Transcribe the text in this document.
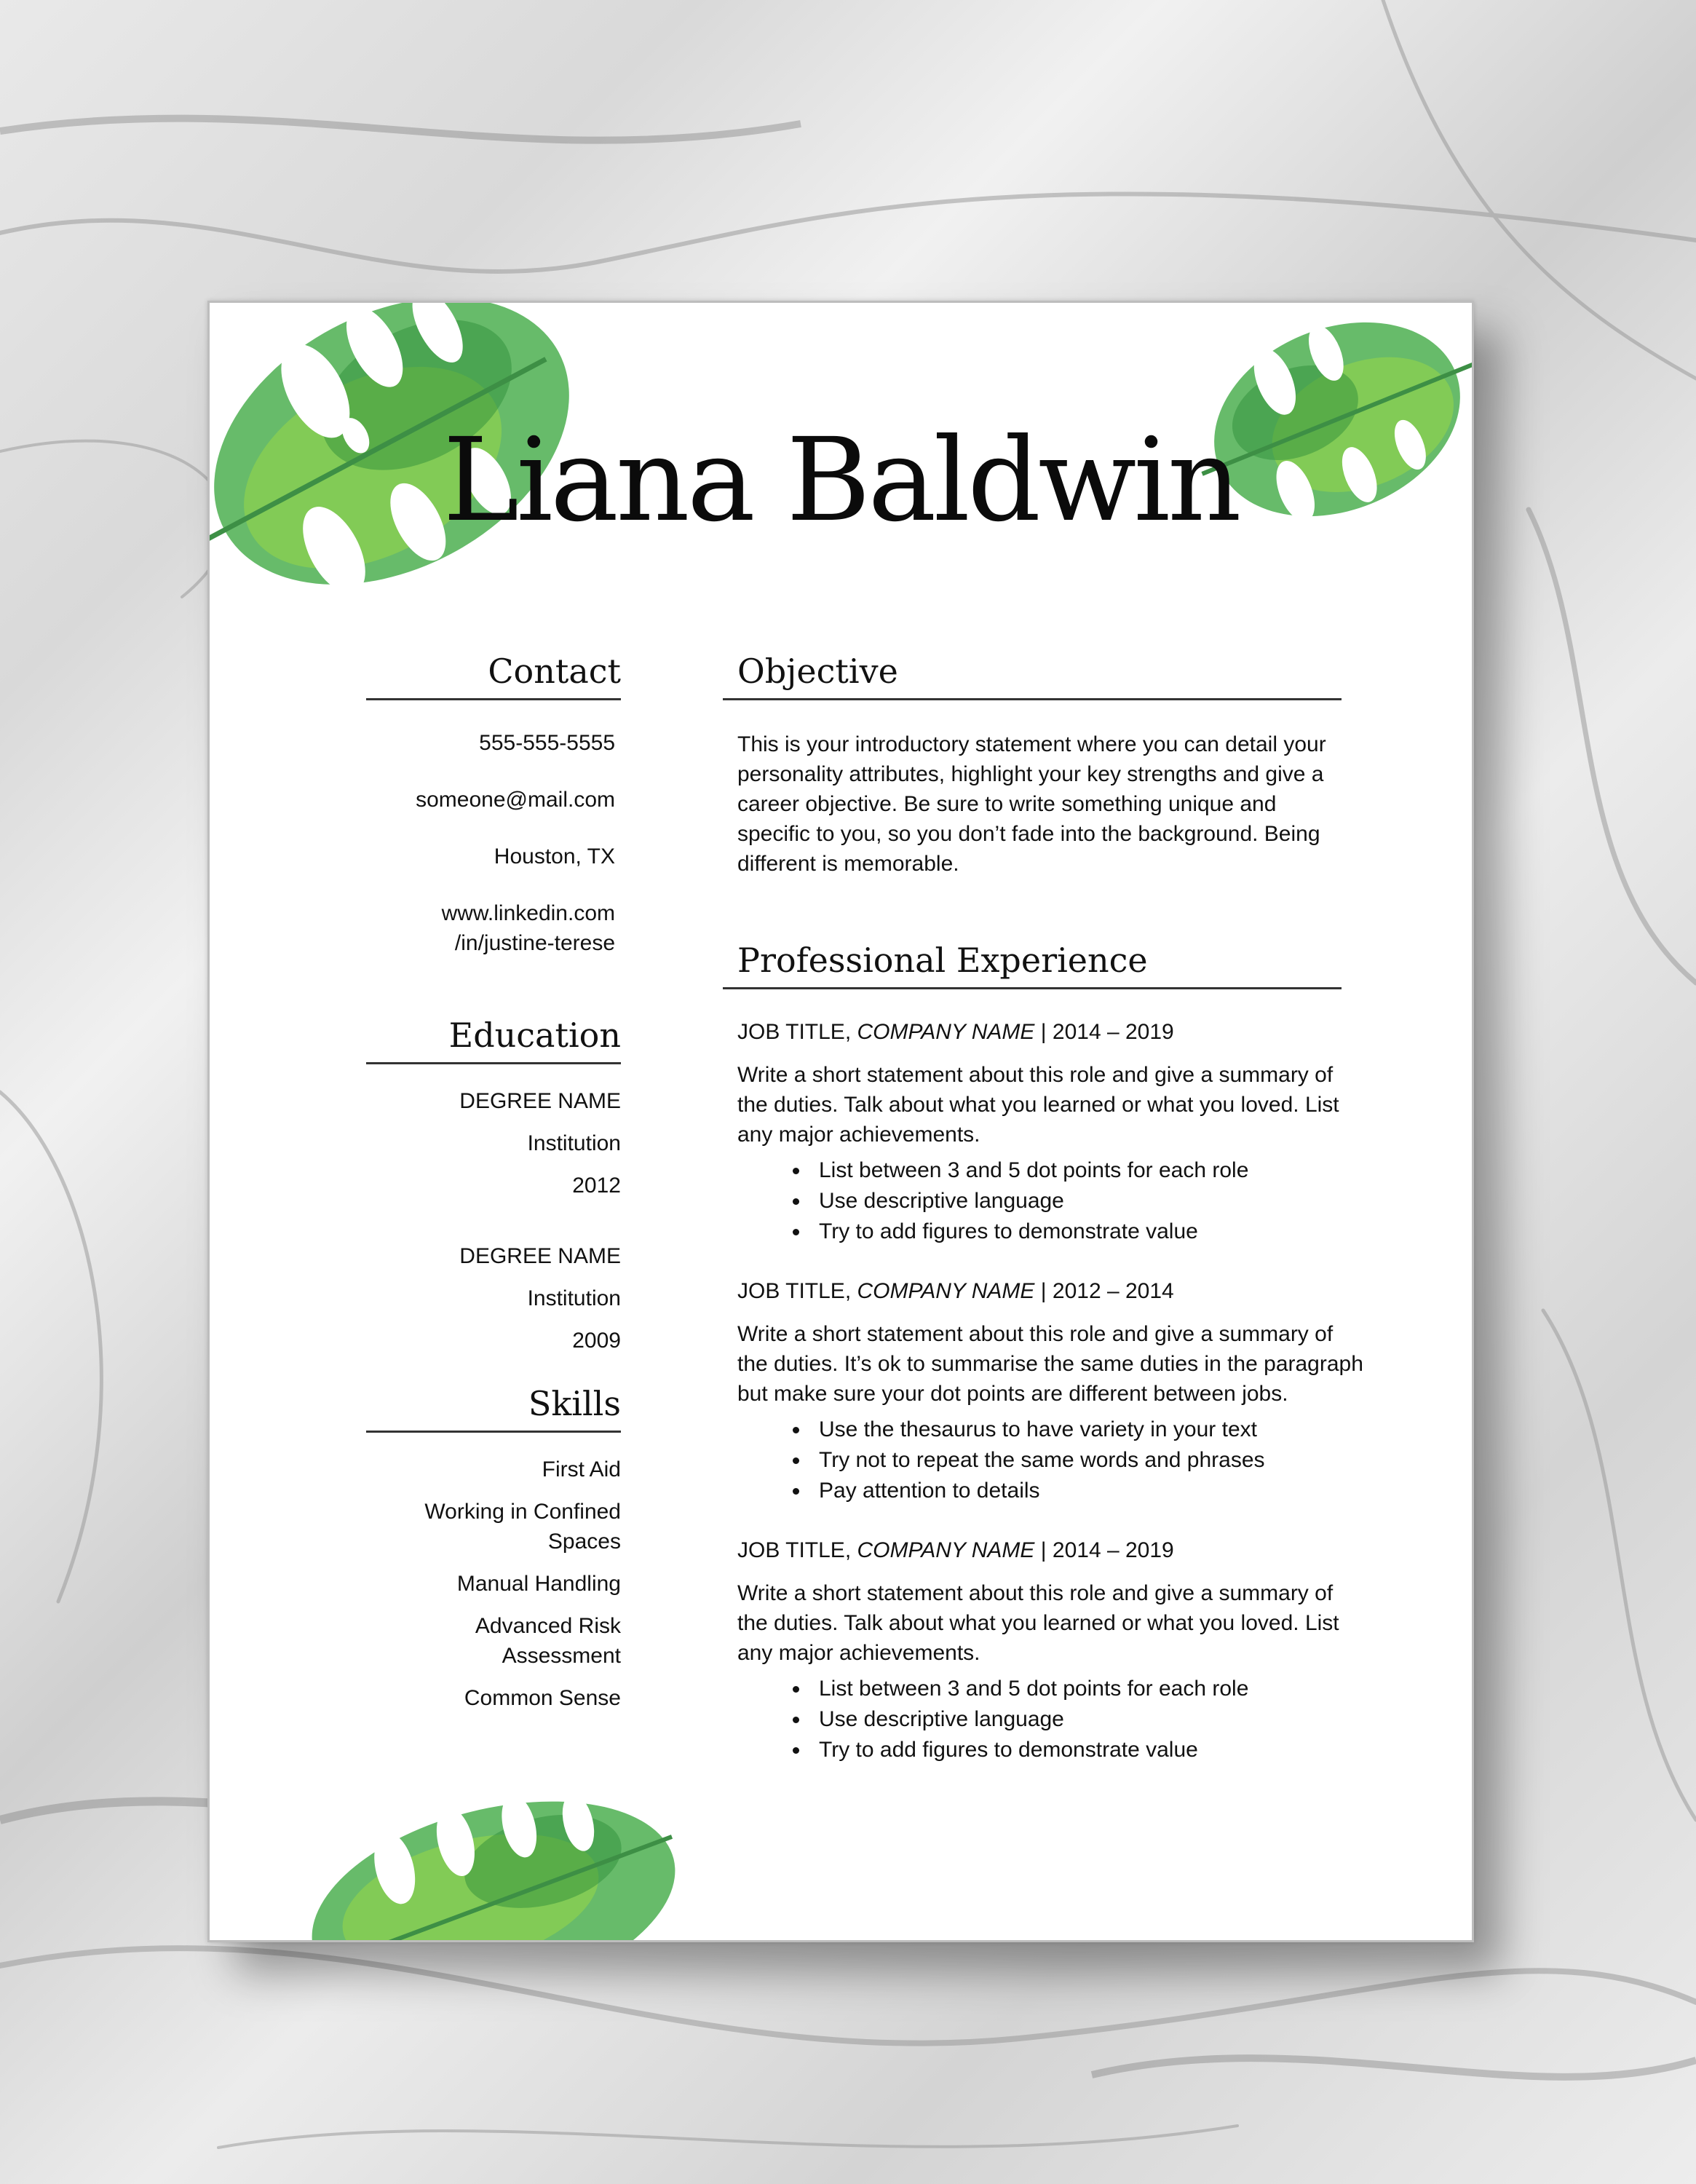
Liana Baldwin
Contact
555-555-5555
someone@mail.com
Houston, TX
www.linkedin.com
/in/justine-terese
Education
DEGREE NAME
Institution
2012
DEGREE NAME
Institution
2009
Skills
First Aid
Working in Confined Spaces
Manual Handling
Advanced Risk Assessment
Common Sense
Objective

This is your introductory statement where you can detail your personality attributes, highlight your key strengths and give a career objective. Be sure to write something unique and specific to you, so you don’t fade into the background. Being different is memorable.

Professional Experience

JOB TITLE, COMPANY NAME | 2014 – 2019

Write a short statement about this role and give a summary of the duties. Talk about what you learned or what you loved. List any major achievements.

• List between 3 and 5 dot points for each role
• Use descriptive language
• Try to add figures to demonstrate value

JOB TITLE, COMPANY NAME | 2012 – 2014

Write a short statement about this role and give a summary of the duties. It’s ok to summarise the same duties in the paragraph but make sure your dot points are different between jobs.

• Use the thesaurus to have variety in your text
• Try not to repeat the same words and phrases
• Pay attention to details

JOB TITLE, COMPANY NAME | 2014 – 2019

Write a short statement about this role and give a summary of the duties. Talk about what you learned or what you loved. List any major achievements.

• List between 3 and 5 dot points for each role
• Use descriptive language
• Try to add figures to demonstrate value
